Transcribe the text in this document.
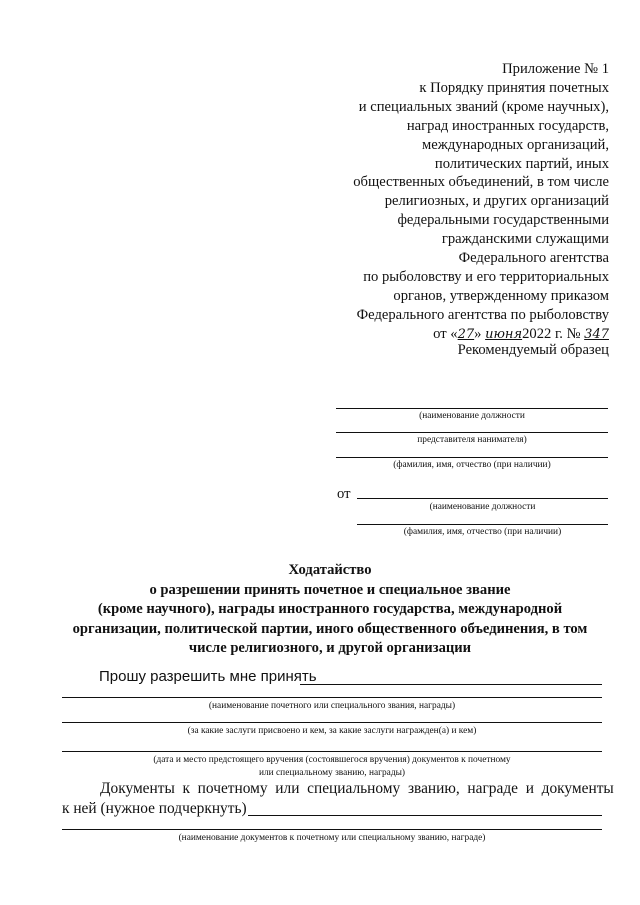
Приложение № 1
к Порядку принятия почетных
и специальных званий (кроме научных),
наград иностранных государств,
международных организаций,
политических партий, иных
общественных объединений, в том числе
религиозных, и других организаций
федеральными государственными
гражданскими служащими
Федерального агентства
по рыболовству и его территориальных
органов, утвержденному приказом
Федерального агентства по рыболовству
от «27» июня2022 г. № 347
Рекомендуемый образец
(наименование должности
представителя нанимателя)
(фамилия, имя, отчество (при наличии)
от
(наименование должности
(фамилия, имя, отчество (при наличии)
Ходатайство
о разрешении принять почетное и специальное звание
(кроме научного), награды иностранного государства, международной
организации, политической партии, иного общественного объединения, в том
числе религиозного, и другой организации
Прошу разрешить мне принять
(наименование почетного или специального звания, награды)
(за какие заслуги присвоено и кем, за какие заслуги награжден(а) и кем)
(дата и место предстоящего вручения (состоявшегося вручения) документов к почетному
или специальному званию, награды)
Документы  к  почетному  или  специальному  званию,  награде  и  документы
к ней (нужное подчеркнуть)
(наименование документов к почетному или специальному званию, награде)
